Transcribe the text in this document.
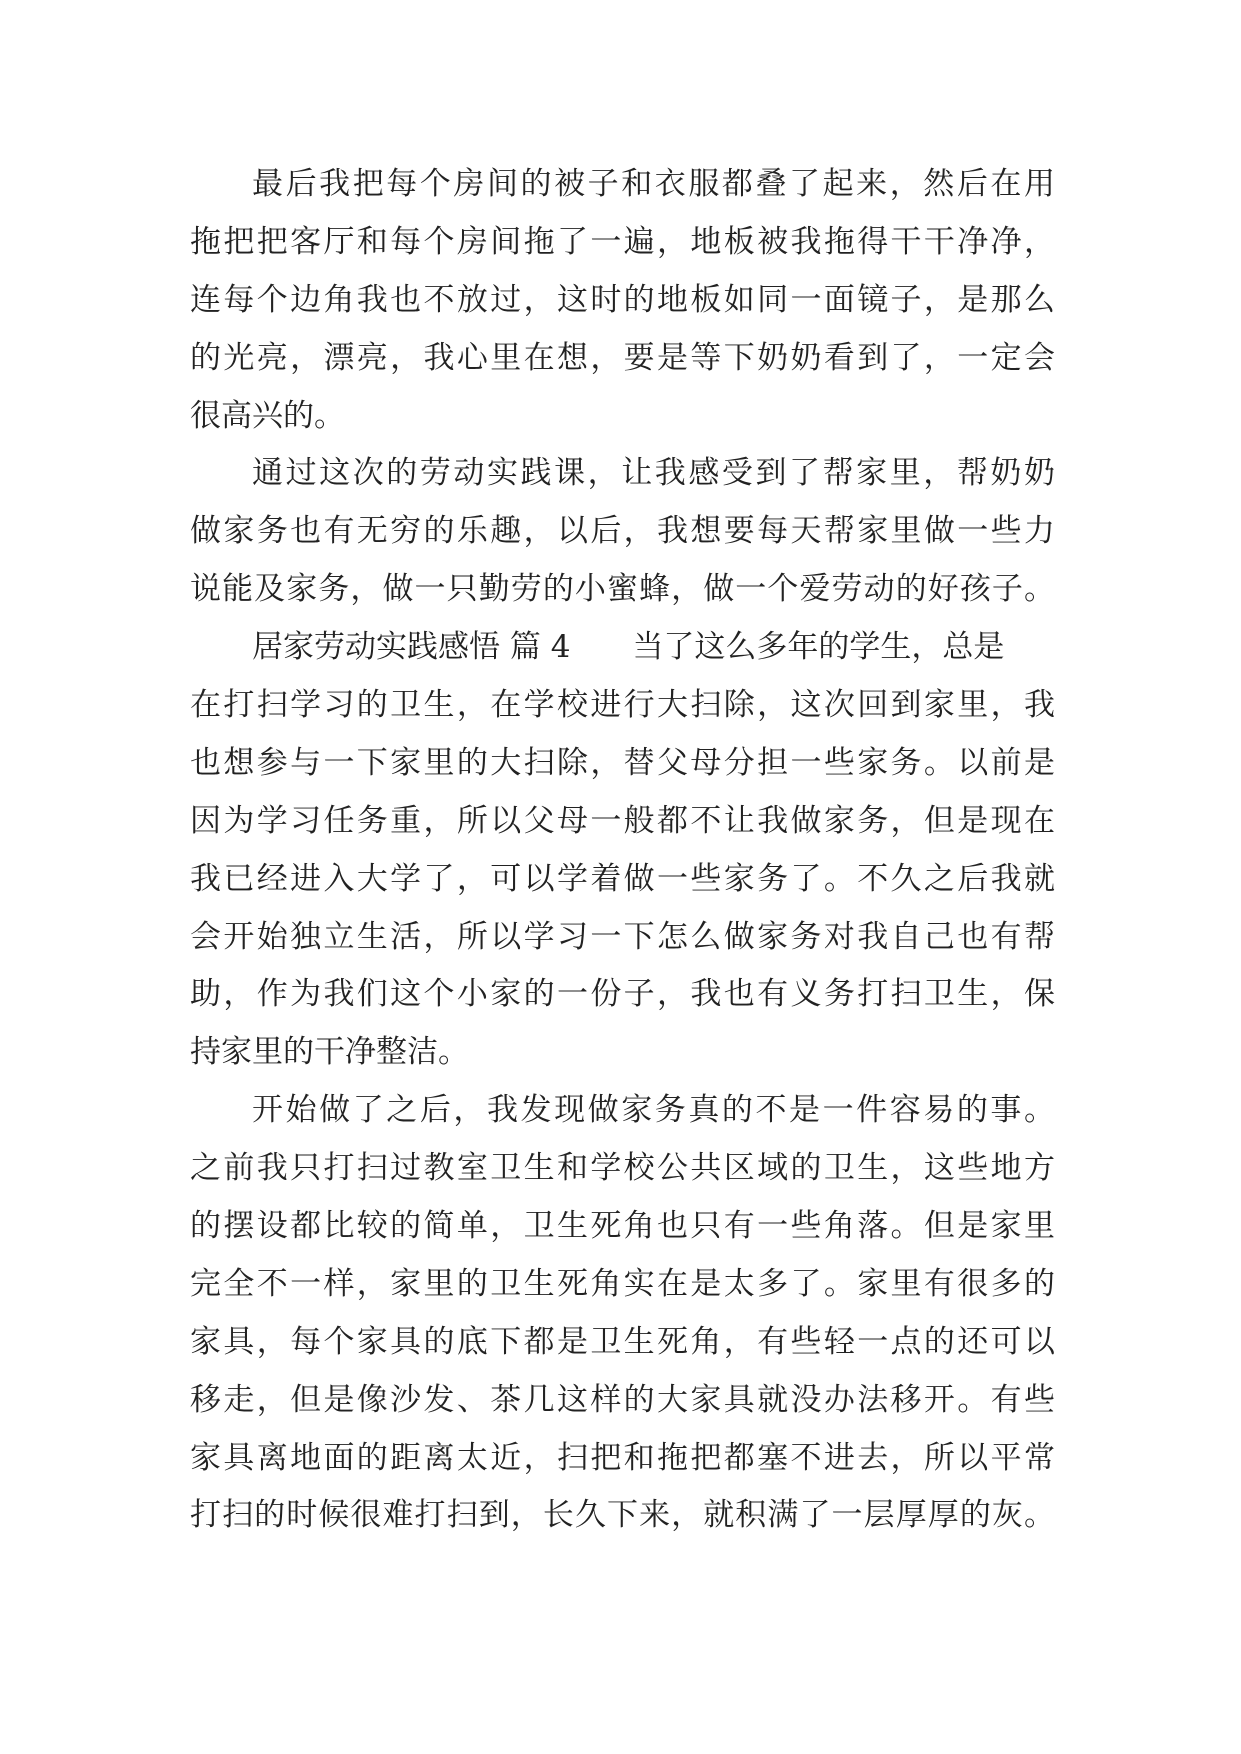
最后我把每个房间的被子和衣服都叠了起来，然后在用
拖把把客厅和每个房间拖了一遍，地板被我拖得干干净净，
连每个边角我也不放过，这时的地板如同一面镜子，是那么
的光亮，漂亮，我心里在想，要是等下奶奶看到了，一定会
很高兴的。
通过这次的劳动实践课，让我感受到了帮家里，帮奶奶
做家务也有无穷的乐趣，以后，我想要每天帮家里做一些力
说能及家务，做一只勤劳的小蜜蜂，做一个爱劳动的好孩子。
居家劳动实践感悟 篇 4 当了这么多年的学生，总是
在打扫学习的卫生，在学校进行大扫除，这次回到家里，我
也想参与一下家里的大扫除，替父母分担一些家务。以前是
因为学习任务重，所以父母一般都不让我做家务，但是现在
我已经进入大学了，可以学着做一些家务了。不久之后我就
会开始独立生活，所以学习一下怎么做家务对我自己也有帮
助，作为我们这个小家的一份子，我也有义务打扫卫生，保
持家里的干净整洁。
开始做了之后，我发现做家务真的不是一件容易的事。
之前我只打扫过教室卫生和学校公共区域的卫生，这些地方
的摆设都比较的简单，卫生死角也只有一些角落。但是家里
完全不一样，家里的卫生死角实在是太多了。家里有很多的
家具，每个家具的底下都是卫生死角，有些轻一点的还可以
移走，但是像沙发、茶几这样的大家具就没办法移开。有些
家具离地面的距离太近，扫把和拖把都塞不进去，所以平常
打扫的时候很难打扫到，长久下来，就积满了一层厚厚的灰。
